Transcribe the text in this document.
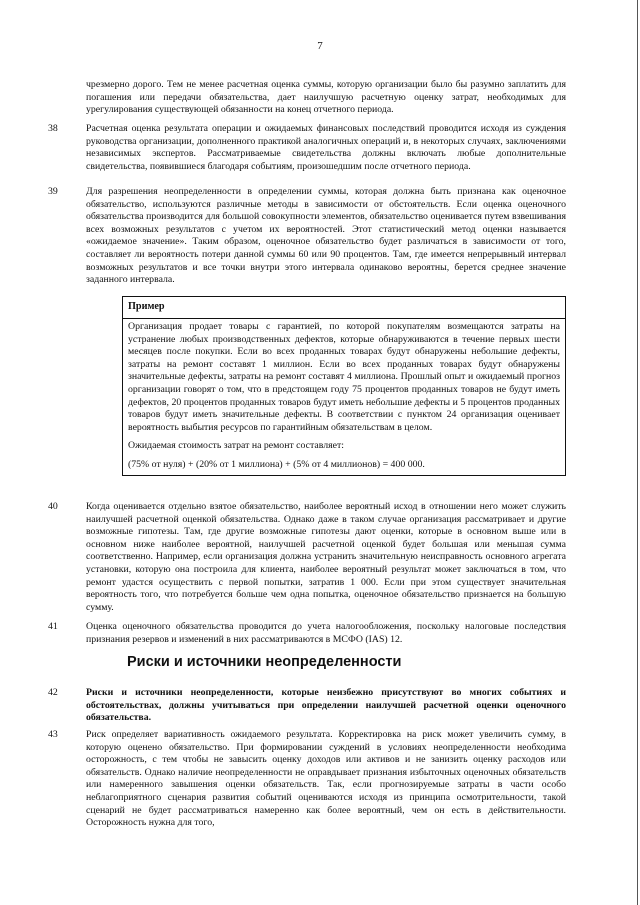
7

чрезмерно дорого. Тем не менее расчетная оценка суммы, которую организации было бы разумно заплатить для погашения или передачи обязательства, дает наилучшую расчетную оценку затрат, необходимых для урегулирования существующей обязанности на конец отчетного периода.

38	Расчетная оценка результата операции и ожидаемых финансовых последствий проводится исходя из суждения руководства организации, дополненного практикой аналогичных операций и, в некоторых случаях, заключениями независимых экспертов. Рассматриваемые свидетельства должны включать любые дополнительные свидетельства, появившиеся благодаря событиям, произошедшим после отчетного периода.

39	Для разрешения неопределенности в определении суммы, которая должна быть признана как оценочное обязательство, используются различные методы в зависимости от обстоятельств. Если оценка оценочного обязательства производится для большой совокупности элементов, обязательство оценивается путем взвешивания всех возможных результатов с учетом их вероятностей. Этот статистический метод оценки называется «ожидаемое значение». Таким образом, оценочное обязательство будет различаться в зависимости от того, составляет ли вероятность потери данной суммы 60 или 90 процентов. Там, где имеется непрерывный интервал возможных результатов и все точки внутри этого интервала одинаково вероятны, берется среднее значение заданного интервала.

Пример

Организация продает товары с гарантией, по которой покупателям возмещаются затраты на устранение любых производственных дефектов, которые обнаруживаются в течение первых шести месяцев после покупки. Если во всех проданных товарах будут обнаружены небольшие дефекты, затраты на ремонт составят 1 миллион. Если во всех проданных товарах будут обнаружены значительные дефекты, затраты на ремонт составят 4 миллиона. Прошлый опыт и ожидаемый прогноз организации говорят о том, что в предстоящем году 75 процентов проданных товаров не будут иметь дефектов, 20 процентов проданных товаров будут иметь небольшие дефекты и 5 процентов проданных товаров будут иметь значительные дефекты. В соответствии с пунктом 24 организация оценивает вероятность выбытия ресурсов по гарантийным обязательствам в целом.

Ожидаемая стоимость затрат на ремонт составляет:

(75% от нуля) + (20% от 1 миллиона) + (5% от 4 миллионов) = 400 000.

40	Когда оценивается отдельно взятое обязательство, наиболее вероятный исход в отношении него может служить наилучшей расчетной оценкой обязательства. Однако даже в таком случае организация рассматривает и другие возможные гипотезы. Там, где другие возможные гипотезы дают оценки, которые в основном выше или в основном ниже наиболее вероятной, наилучшей расчетной оценкой будет большая или меньшая сумма соответственно. Например, если организация должна устранить значительную неисправность основного агрегата установки, которую она построила для клиента, наиболее вероятный результат может заключаться в том, что ремонт удастся осуществить с первой попытки, затратив 1 000. Если при этом существует значительная вероятность того, что потребуется больше чем одна попытка, оценочное обязательство признается на большую сумму.

41	Оценка оценочного обязательства проводится до учета налогообложения, поскольку налоговые последствия признания резервов и изменений в них рассматриваются в МСФО (IAS) 12.

Риски и источники неопределенности
42	Риски и источники неопределенности, которые неизбежно присутствуют во многих событиях и обстоятельствах, должны учитываться при определении наилучшей расчетной оценки оценочного обязательства.

43	Риск определяет вариативность ожидаемого результата. Корректировка на риск может увеличить сумму, в которую оценено обязательство. При формировании суждений в условиях неопределенности необходима осторожность, с тем чтобы не завысить оценку доходов или активов и не занизить оценку расходов или обязательств. Однако наличие неопределенности не оправдывает признания избыточных оценочных обязательств или намеренного завышения оценки обязательств. Так, если прогнозируемые затраты в части особо неблагоприятного сценария развития событий оцениваются исходя из принципа осмотрительности, такой сценарий не будет рассматриваться намеренно как более вероятный, чем он есть в действительности. Осторожность нужна для того,
